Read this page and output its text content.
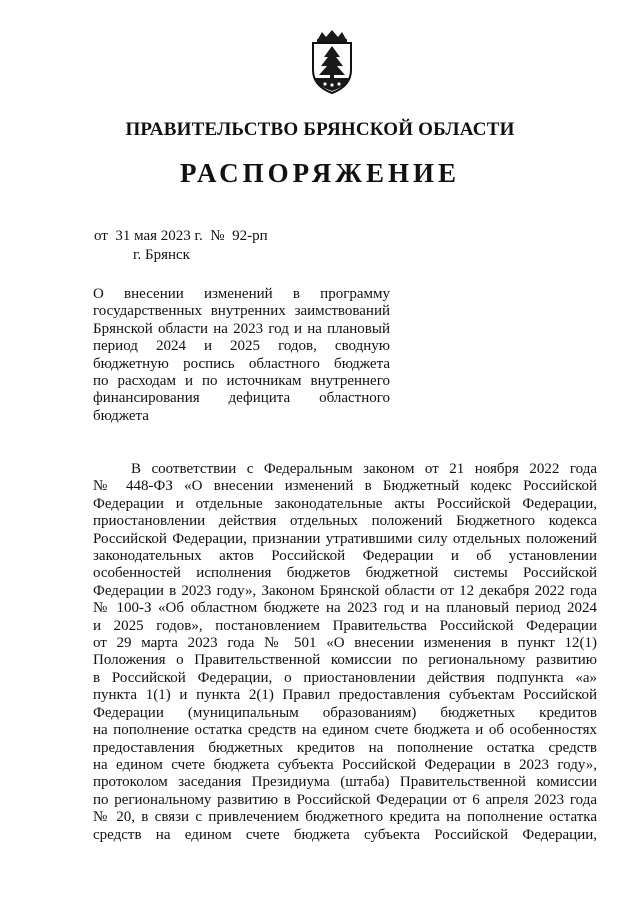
ПРАВИТЕЛЬСТВО БРЯНСКОЙ ОБЛАСТИ
РАСПОРЯЖЕНИЕ
от  31 мая 2023 г.  №  92-рп
г. Брянск
О внесении изменений в программу
государственных внутренних заимствований
Брянской области на 2023 год и на плановый
период 2024 и 2025 годов, сводную
бюджетную роспись областного бюджета
по расходам и по источникам внутреннего
финансирования дефицита областного
бюджета
В соответствии с Федеральным законом от 21 ноября 2022 года
№ 448-ФЗ «О внесении изменений в Бюджетный кодекс Российской
Федерации и отдельные законодательные акты Российской Федерации,
приостановлении действия отдельных положений Бюджетного кодекса
Российской Федерации, признании утратившими силу отдельных положений
законодательных актов Российской Федерации и об установлении
особенностей исполнения бюджетов бюджетной системы Российской
Федерации в 2023 году», Законом Брянской области от 12 декабря 2022 года
№ 100-З «Об областном бюджете на 2023 год и на плановый период 2024
и 2025 годов», постановлением Правительства Российской Федерации
от 29 марта 2023 года № 501 «О внесении изменения в пункт 12(1)
Положения о Правительственной комиссии по региональному развитию
в Российской Федерации, о приостановлении действия подпункта «а»
пункта 1(1) и пункта 2(1) Правил предоставления субъектам Российской
Федерации (муниципальным образованиям) бюджетных кредитов
на пополнение остатка средств на едином счете бюджета и об особенностях
предоставления бюджетных кредитов на пополнение остатка средств
на едином счете бюджета субъекта Российской Федерации в 2023 году»,
протоколом заседания Президиума (штаба) Правительственной комиссии
по региональному развитию в Российской Федерации от 6 апреля 2023 года
№ 20, в связи с привлечением бюджетного кредита на пополнение остатка
средств на едином счете бюджета субъекта Российской Федерации,
